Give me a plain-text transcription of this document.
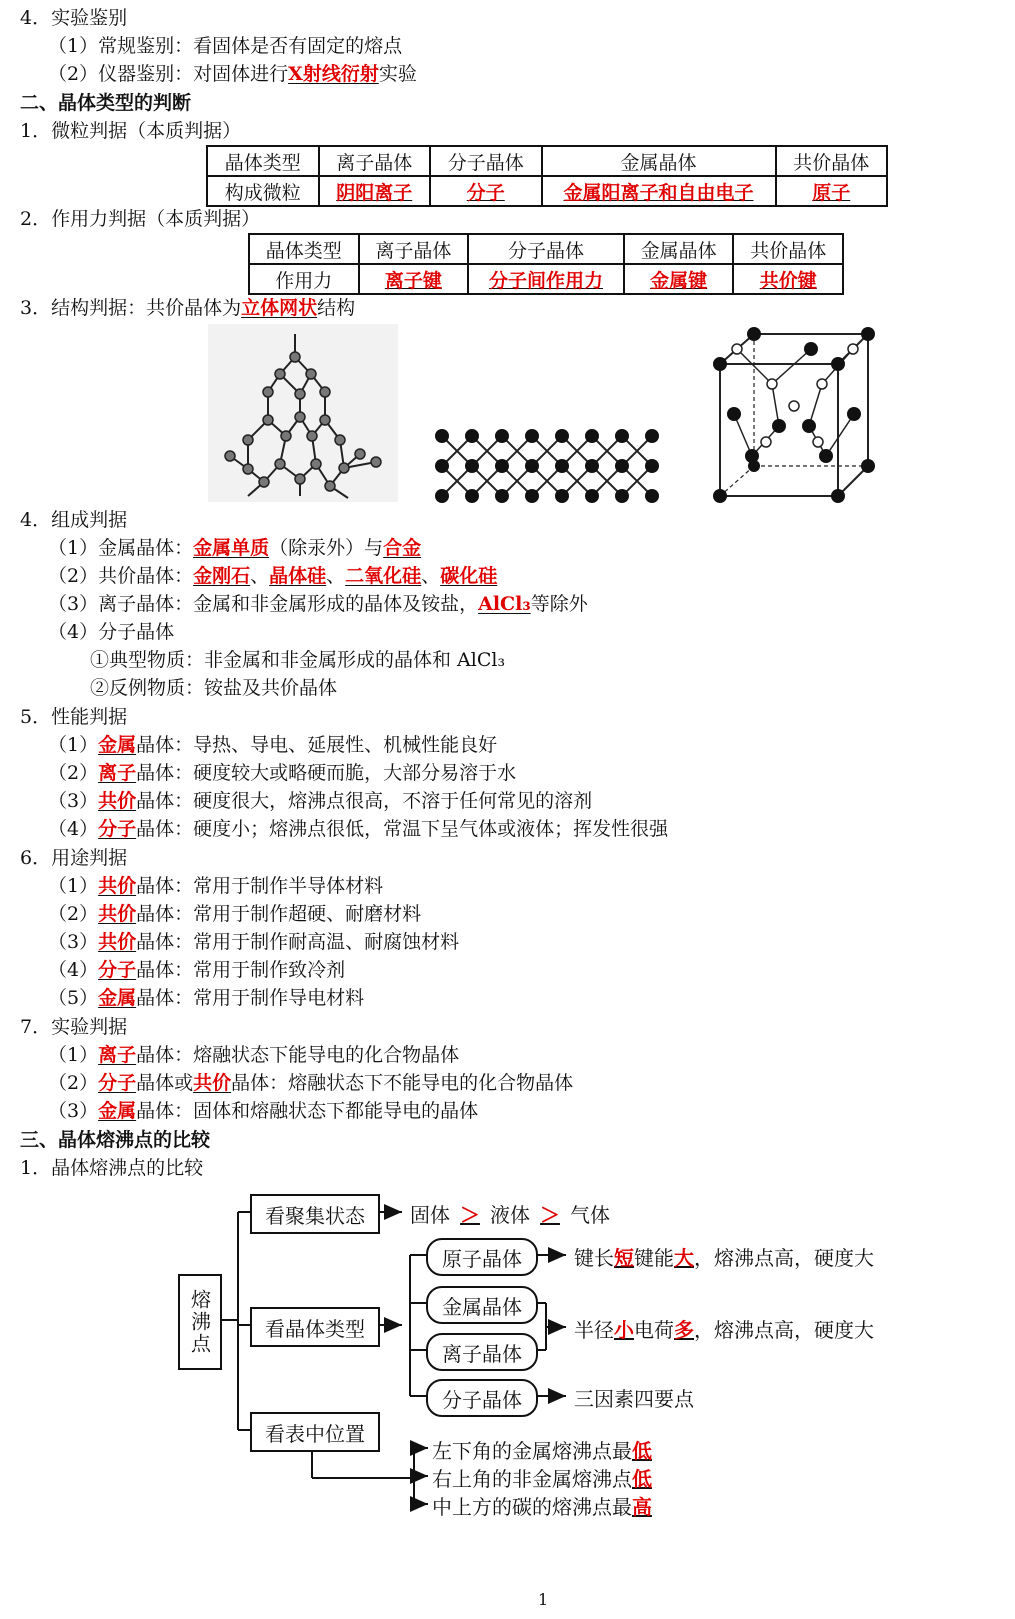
4．实验鉴别
（1）常规鉴别：看固体是否有固定的熔点
（2）仪器鉴别：对固体进行X射线衍射实验
二、晶体类型的判断
1．微粒判据（本质判据）
晶体类型	离子晶体	分子晶体	金属晶体	共价晶体
构成微粒	阴阳离子	分子	金属阳离子和自由电子	原子
2．作用力判据（本质判据）
晶体类型	离子晶体	分子晶体	金属晶体	共价晶体
作用力	离子键	分子间作用力	金属键	共价键
3．结构判据：共价晶体为立体网状结构
4．组成判据
（1）金属晶体：金属单质（除汞外）与合金
（2）共价晶体：金刚石、晶体硅、二氧化硅、碳化硅
（3）离子晶体：金属和非金属形成的晶体及铵盐，AlCl₃等除外
（4）分子晶体
①典型物质：非金属和非金属形成的晶体和 AlCl₃
②反例物质：铵盐及共价晶体
5．性能判据
（1）金属晶体：导热、导电、延展性、机械性能良好
（2）离子晶体：硬度较大或略硬而脆，大部分易溶于水
（3）共价晶体：硬度很大，熔沸点很高，不溶于任何常见的溶剂
（4）分子晶体：硬度小；熔沸点很低，常温下呈气体或液体；挥发性很强
6．用途判据
（1）共价晶体：常用于制作半导体材料
（2）共价晶体：常用于制作超硬、耐磨材料
（3）共价晶体：常用于制作耐高温、耐腐蚀材料
（4）分子晶体：常用于制作致冷剂
（5）金属晶体：常用于制作导电材料
7．实验判据
（1）离子晶体：熔融状态下能导电的化合物晶体
（2）分子晶体或共价晶体：熔融状态下不能导电的化合物晶体
（3）金属晶体：固体和熔融状态下都能导电的晶体
三、晶体熔沸点的比较
1．晶体熔沸点的比较
熔沸点
看聚集状态
看晶体类型
看表中位置
原子晶体
金属晶体
离子晶体
分子晶体
固体 ＞ 液体 ＞ 气体
键长短键能大，熔沸点高，硬度大
半径小电荷多，熔沸点高，硬度大
三因素四要点
左下角的金属熔沸点最低
右上角的非金属熔沸点低
中上方的碳的熔沸点最高
1
